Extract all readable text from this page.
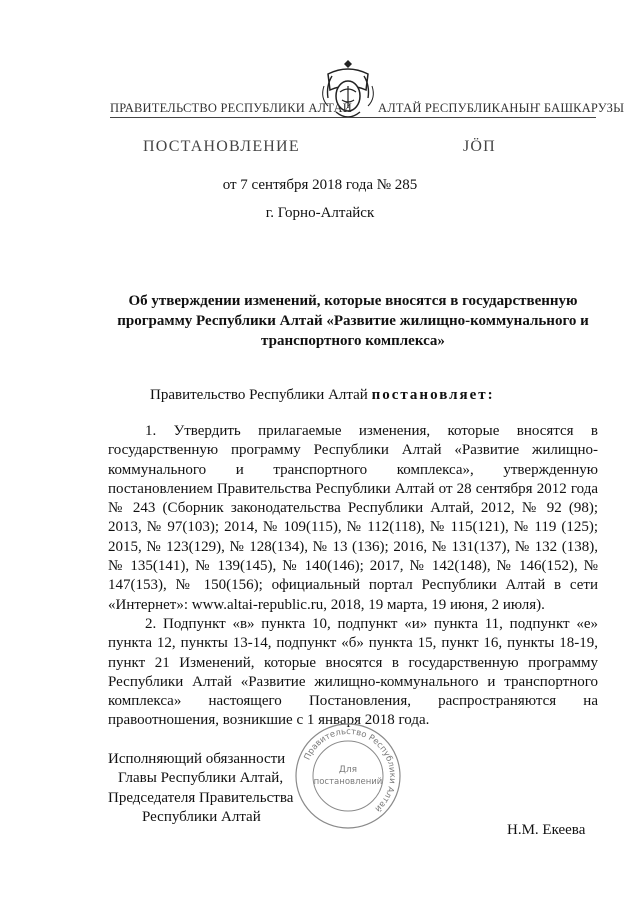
ПРАВИТЕЛЬСТВО РЕСПУБЛИКИ АЛТАЙ АЛТАЙ РЕСПУБЛИКАНЫҤ БАШКАРУЗЫ
ПОСТАНОВЛЕНИЕ	ЈӦП
от 7 сентября 2018 года № 285
г. Горно-Алтайск
Об утверждении изменений, которые вносятся в государственную программу Республики Алтай «Развитие жилищно-коммунального и транспортного комплекса»
Правительство Республики Алтай постановляет:

1. Утвердить прилагаемые изменения, которые вносятся в государственную программу Республики Алтай «Развитие жилищно-коммунального и транспортного комплекса», утвержденную постановлением Правительства Республики Алтай от 28 сентября 2012 года № 243 (Сборник законодательства Республики Алтай, 2012, № 92 (98); 2013, № 97(103); 2014, № 109(115), № 112(118), № 115(121), № 119 (125); 2015, № 123(129), № 128(134), № 13 (136); 2016, № 131(137), № 132 (138), № 135(141), № 139(145), № 140(146); 2017, № 142(148), № 146(152), № 147(153), № 150(156); официальный портал Республики Алтай в сети «Интернет»: www.altai-republic.ru, 2018, 19 марта, 19 июня, 2 июля).

2. Подпункт «в» пункта 10, подпункт «и» пункта 11, подпункт «е» пункта 12, пункты 13-14, подпункт «б» пункта 15, пункт 16, пункты 18-19, пункт 21 Изменений, которые вносятся в государственную программу Республики Алтай «Развитие жилищно-коммунального и транспортного комплекса» настоящего Постановления, распространяются на правоотношения, возникшие с 1 января 2018 года.

Исполняющий обязанности
Главы Республики Алтай,
Председателя Правительства
Республики Алтай
Правительство Республики Алтай
Для
постановлений
Н.М. Екеева
